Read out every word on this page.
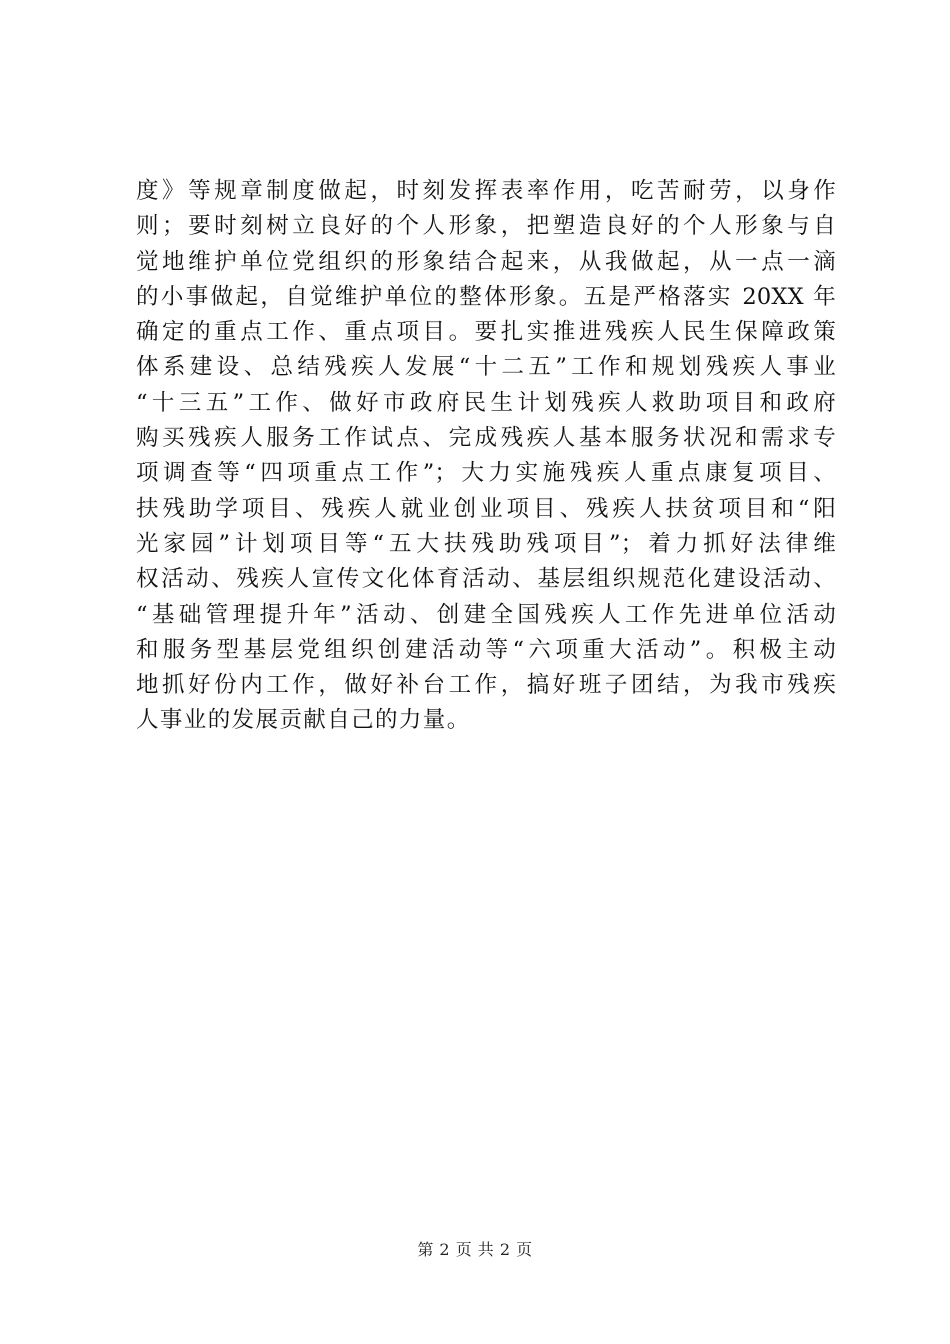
度》等规章制度做起，时刻发挥表率作用，吃苦耐劳，以身作
则；要时刻树立良好的个人形象，把塑造良好的个人形象与自
觉地维护单位党组织的形象结合起来，从我做起，从一点一滴
的小事做起，自觉维护单位的整体形象。五是严格落实 20XX 年
确定的重点工作、重点项目。要扎实推进残疾人民生保障政策
体系建设、总结残疾人发展“十二五”工作和规划残疾人事业
“十三五”工作、做好市政府民生计划残疾人救助项目和政府
购买残疾人服务工作试点、完成残疾人基本服务状况和需求专
项调查等“四项重点工作”；大力实施残疾人重点康复项目、
扶残助学项目、残疾人就业创业项目、残疾人扶贫项目和“阳
光家园”计划项目等“五大扶残助残项目”；着力抓好法律维
权活动、残疾人宣传文化体育活动、基层组织规范化建设活动、
“基础管理提升年”活动、创建全国残疾人工作先进单位活动
和服务型基层党组织创建活动等“六项重大活动”。积极主动
地抓好份内工作，做好补台工作，搞好班子团结，为我市残疾
人事业的发展贡献自己的力量。
第 2 页 共 2 页
